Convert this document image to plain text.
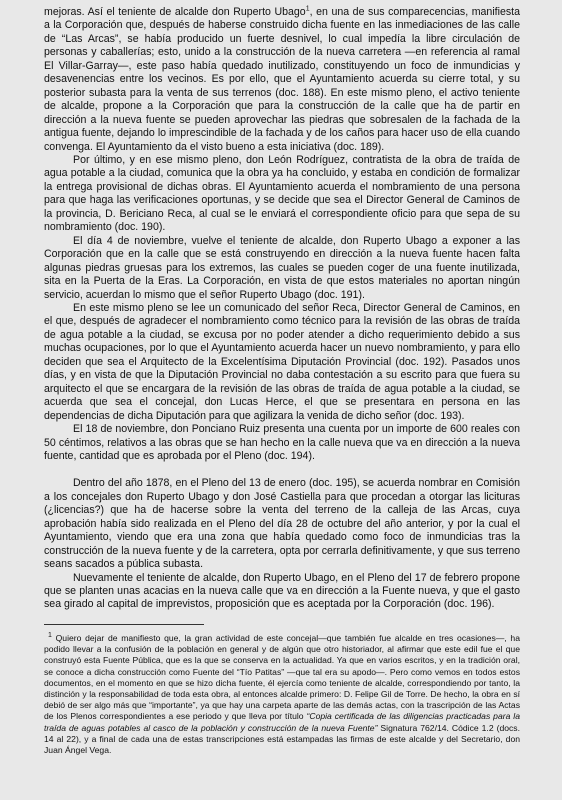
mejoras. Así el teniente de alcalde don Ruperto Ubago$^1$, en una de sus comparecencias, manifiesta a la Corporación que, después de haberse construido dicha fuente en las inmediaciones de las calle de “Las Arcas”, se había producido un fuerte desnivel, lo cual impedía la libre circulación de personas y caballerías; esto, unido a la construcción de la nueva carretera —en referencia al ramal El Villar-Garray—, este paso había quedado inutilizado, constituyendo un foco de inmundicias y desavenencias entre los vecinos. Es por ello, que el Ayuntamiento acuerda su cierre total, y su posterior subasta para la venta de sus terrenos (doc. 188). En este mismo pleno, el activo teniente de alcalde, propone a la Corporación que para la construcción de la calle que ha de partir en dirección a la nueva fuente se pueden aprovechar las piedras que sobresalen de la fachada de la antigua fuente, dejando lo imprescindible de la fachada y de los caños para hacer uso de ella cuando convenga. El Ayuntamiento da el visto bueno a esta iniciativa (doc. 189).

Por último, y en ese mismo pleno, don León Rodríguez, contratista de la obra de traída de agua potable a la ciudad, comunica que la obra ya ha concluido, y estaba en condición de formalizar la entrega provisional de dichas obras. El Ayuntamiento acuerda el nombramiento de una persona para que haga las verificaciones oportunas, y se decide que sea el Director General de Caminos de la provincia, D. Bericiano Reca, al cual se le enviará el correspondiente oficio para que sepa de su nombramiento (doc. 190).

El día 4 de noviembre, vuelve el teniente de alcalde, don Ruperto Ubago a exponer a las Corporación que en la calle que se está construyendo en dirección a la nueva fuente hacen falta algunas piedras gruesas para los extremos, las cuales se pueden coger de una fuente inutilizada, sita en la Puerta de la Eras. La Corporación, en vista de que estos materiales no aportan ningún servicio, acuerdan lo mismo que el señor Ruperto Ubago (doc. 191).

En este mismo pleno se lee un comunicado del señor Reca, Director General de Caminos, en el que, después de agradecer el nombramiento como técnico para la revisión de las obras de traída de agua potable a la ciudad, se excusa por no poder atender a dicho requerimiento debido a sus muchas ocupaciones, por lo que el Ayuntamiento acuerda hacer un nuevo nombramiento, y para ello deciden que sea el Arquitecto de la Excelentísima Diputación Provincial (doc. 192). Pasados unos días, y en vista de que la Diputación Provincial no daba contestación a su escrito para que fuera su arquitecto el que se encargara de la revisión de las obras de traída de agua potable a la ciudad, se acuerda que sea el concejal, don Lucas Herce, el que se presentara en persona en las dependencias de dicha Diputación para que agilizara la venida de dicho señor (doc. 193).

El 18 de noviembre, don Ponciano Ruiz presenta una cuenta por un importe de 600 reales con 50 céntimos, relativos a las obras que se han hecho en la calle nueva que va en dirección a la nueva fuente, cantidad que es aprobada por el Pleno (doc. 194).

Dentro del año 1878, en el Pleno del 13 de enero (doc. 195), se acuerda nombrar en Comisión a los concejales don Ruperto Ubago y don José Castiella para que procedan a otorgar las licituras (¿licencias?) que ha de hacerse sobre la venta del terreno de la calleja de las Arcas, cuya aprobación había sido realizada en el Pleno del día 28 de octubre del año anterior, y por la cual el Ayuntamiento, viendo que era una zona que había quedado como foco de inmundicias tras la construcción de la nueva fuente y de la carretera, opta por cerrarla definitivamente, y que sus terreno seans sacados a pública subasta.

Nuevamente el teniente de alcalde, don Ruperto Ubago, en el Pleno del 17 de febrero propone que se planten unas acacias en la nueva calle que va en dirección a la Fuente nueva, y que el gasto sea girado al capital de imprevistos, proposición que es aceptada por la Corporación (doc. 196).

$^1$ Quiero dejar de manifiesto que, la gran actividad de este concejal—que también fue alcalde en tres ocasiones—, ha podido llevar a la confusión de la población en general y de algún que otro historiador, al afirmar que este edil fue el que construyó esta Fuente Pública, que es la que se conserva en la actualidad. Ya que en varios escritos, y en la tradición oral, se conoce a dicha construcción como Fuente del “Tío Patitas” —que tal era su apodo—. Pero como vemos en todos estos documentos, en el momento en que se hizo dicha fuente, él ejercía como teniente de alcalde, correspondiendo por tanto, la distinción y la responsabilidad de toda esta obra, al entonces alcalde primero: D. Felipe Gil de Torre. De hecho, la obra en sí debió de ser algo más que “importante”, ya que hay una carpeta aparte de las demás actas, con la trascripción de las Actas de los Plenos correspondientes a ese periodo y que lleva por título “Copia certificada de las diligencias practicadas para la traída de aguas potables al casco de la población y construcción de la nueva Fuente” Signatura 762/14. Códice 1.2 (docs. 14 al 22), y a final de cada una de estas transcripciones está estampadas las firmas de este alcalde y del Secretario, don Juan Ángel Vega.
